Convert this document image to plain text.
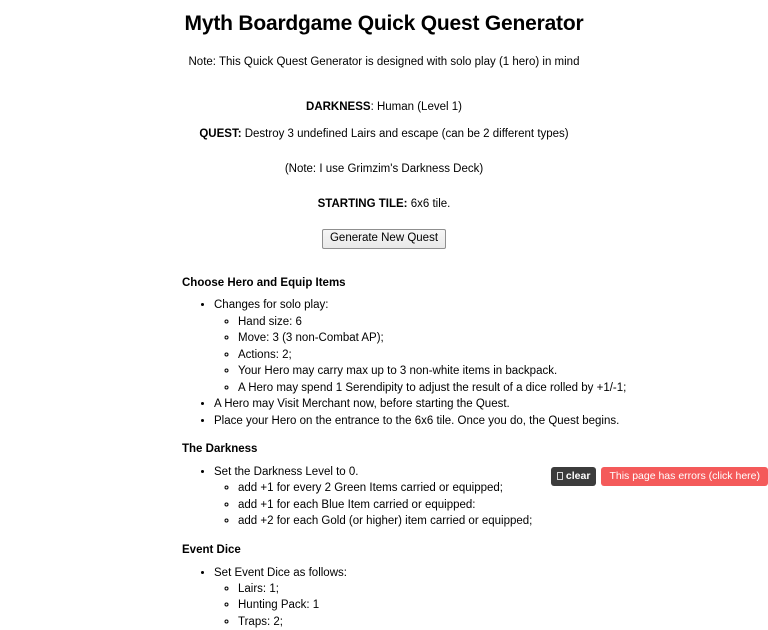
Myth Boardgame Quick Quest Generator
Note: This Quick Quest Generator is designed with solo play (1 hero) in mind
DARKNESS: Human (Level 1)
QUEST: Destroy 3 undefined Lairs and escape (can be 2 different types)
(Note: I use Grimzim's Darkness Deck)
STARTING TILE: 6x6 tile.
Generate New Quest
Choose Hero and Equip Items
• Changes for solo play:
◦ Hand size: 6
◦ Move: 3 (3 non-Combat AP);
◦ Actions: 2;
◦ Your Hero may carry max up to 3 non-white items in backpack.
◦ A Hero may spend 1 Serendipity to adjust the result of a dice rolled by +1/-1;
• A Hero may Visit Merchant now, before starting the Quest.
• Place your Hero on the entrance to the 6x6 tile. Once you do, the Quest begins.
The Darkness
• Set the Darkness Level to 0.
◦ add +1 for every 2 Green Items carried or equipped;
◦ add +1 for each Blue Item carried or equipped:
◦ add +2 for each Gold (or higher) item carried or equipped;
Event Dice
• Set Event Dice as follows:
◦ Lairs: 1;
◦ Hunting Pack: 1
◦ Traps: 2;
clear	This page has errors (click here)
